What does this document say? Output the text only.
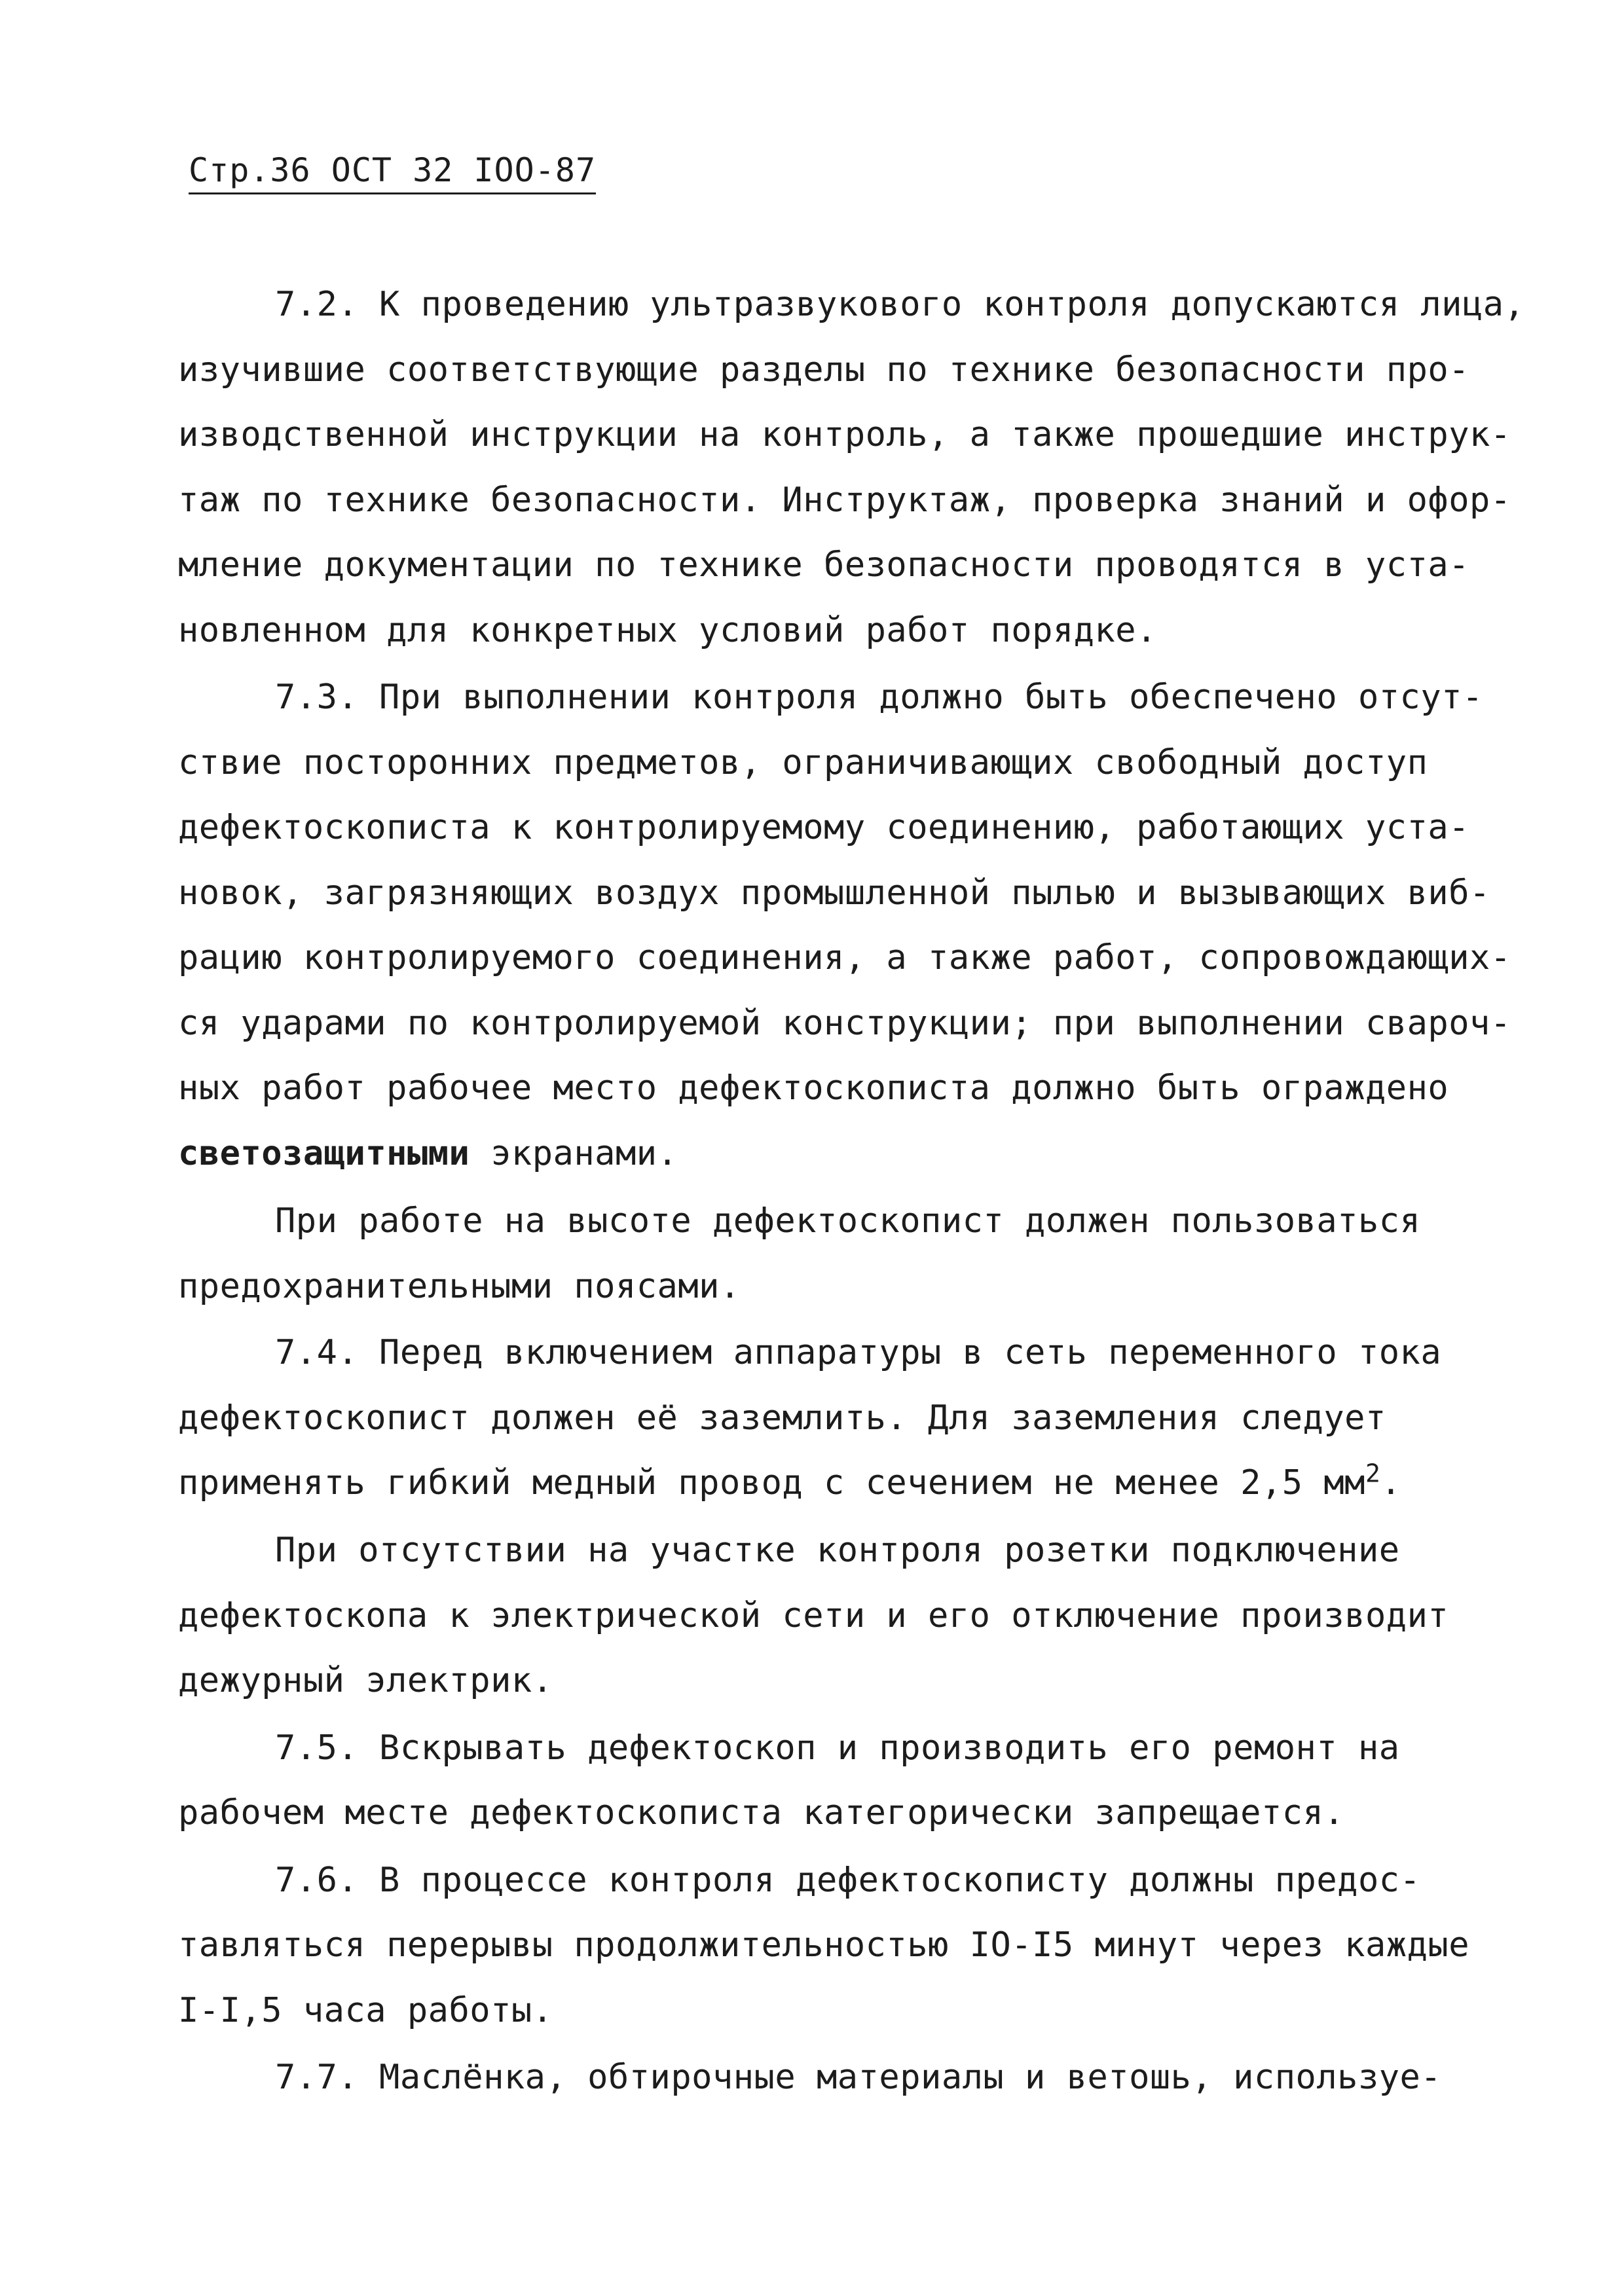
Стр.36 ОСТ 32 IOO-87
7.2. К проведению ультразвукового контроля допускаются лица,
изучившие соответствующие разделы по технике безопасности про-
изводственной инструкции на контроль, а также прошедшие инструк-
таж по технике безопасности. Инструктаж, проверка знаний и офор-
мление документации по технике безопасности проводятся в уста-
новленном для конкретных условий работ порядке.
7.3. При выполнении контроля должно быть обеспечено отсут-
ствие посторонних предметов, ограничивающих свободный доступ
дефектоскописта к контролируемому соединению, работающих уста-
новок, загрязняющих воздух промышленной пылью и вызывающих виб-
рацию контролируемого соединения, а также работ, сопровождающих-
ся ударами по контролируемой конструкции; при выполнении свароч-
ных работ рабочее место дефектоскописта должно быть ограждено
светозащитными экранами.
При работе на высоте дефектоскопист должен пользоваться
предохранительными поясами.
7.4. Перед включением аппаратуры в сеть переменного тока
дефектоскопист должен её заземлить. Для заземления следует
применять гибкий медный провод с сечением не менее 2,5 $мм^2$.
При отсутствии на участке контроля розетки подключение
дефектоскопа к электрической сети и его отключение производит
дежурный электрик.
7.5. Вскрывать дефектоскоп и производить его ремонт на
рабочем месте дефектоскописта категорически запрещается.
7.6. В процессе контроля дефектоскописту должны предос-
тавляться перерывы продолжительностью IO-I5 минут через каждые
I-I,5 часа работы.
7.7. Маслёнка, обтирочные материалы и ветошь, используе-
